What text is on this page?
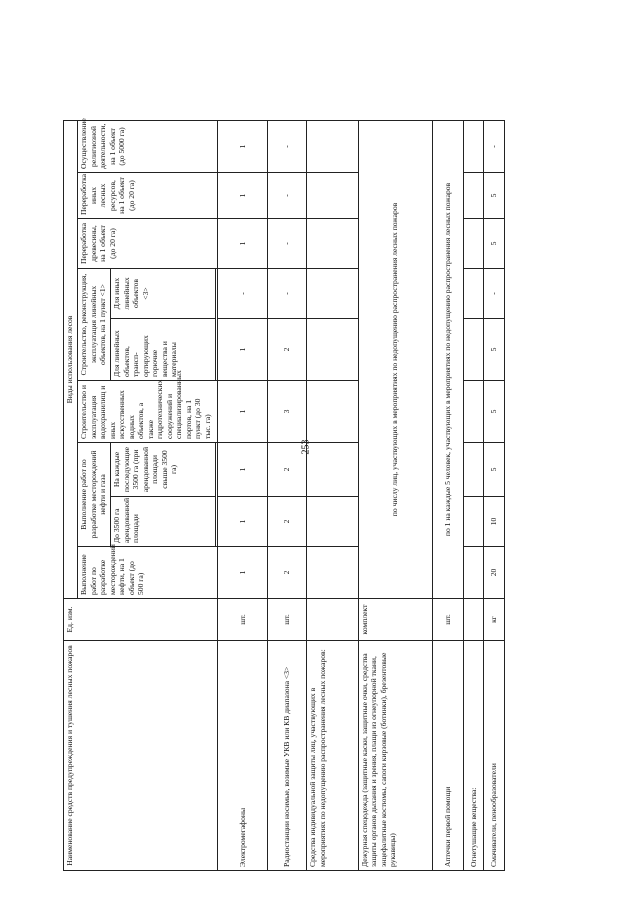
253
Наименование средств предупреждения и тушения лесных пожаров	Ед. изм.	Виды использования лесов								
		Выполнение работ по разработке месторождений нефти, на 1 объект (до 500 га)	Выполнение работ по разработке месторождений нефти и газа		Строительство и эксплуатация водохранилищ и иных искусственных водных объектов, а также гидротехнических сооружений и специализированных портов, на 1 пункт (до 30 тыс. га)	Строительство, реконструкция, эксплуатация линейных объектов, на 1 пункт <1>		Переработка древесины, на 1 объект (до 20 га)	Переработка иных лесных ресурсов, на 1 объект (до 20 га)	Осуществление религиозной деятельности, на 1 объект (до 5000 га)
			До 3500 га арендованной площади	На каждые последующие 3500 га (при арендованной площади свыше 3500 га)		Для линейных объектов, транспортирующих горючие вещества и материалы	Для иных линейных объектов <3>			

Электромегафоны	шт.	1	1	1	1	1	-	1	1	1
Радиостанции носимые, возимые УКВ или КВ диапазона <3>	шт.	2	2	2	3	2	-	-	-	-
Средства индивидуальной защиты лиц, участвующих в мероприятиях по недопущению распространения лесных пожаров:										
Дежурная спецодежда (защитные каски, защитные очки, средства защиты органов дыхания и зрения, плащи из огнеупорной ткани, энцефалитные костюмы, сапоги кирзовые (ботинки), брезентовые рукавицы)	комплект	по числу лиц, участвующих в мероприятиях по недопущению распространения лесных пожаров								
Аптечки первой помощи	шт.	по 1 на каждые 5 человек, участвующих в мероприятиях по недопущению распространения лесных пожаров								
Огнетушащие вещества:										
Смачиватели, пенообразователи	кг	20	10	5	5	5	-	5	5	-
